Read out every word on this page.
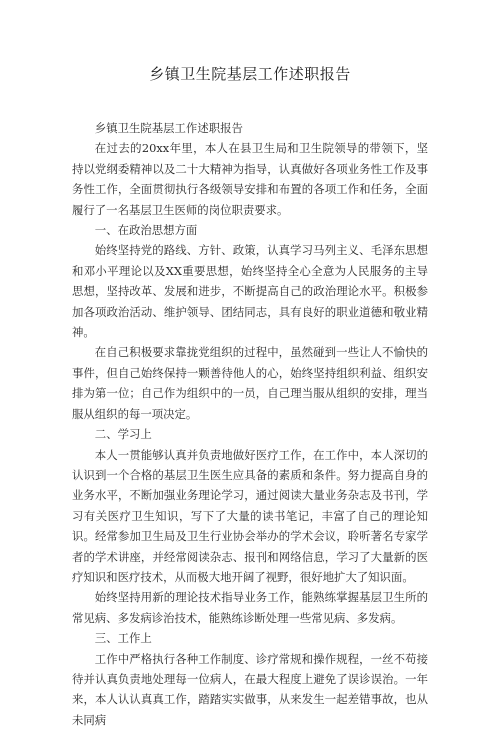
乡镇卫生院基层工作述职报告

乡镇卫生院基层工作述职报告

在过去的20xx年里，本人在县卫生局和卫生院领导的带领下，坚持以党纲委精神以及二十大精神为指导，认真做好各项业务性工作及事务性工作，全面贯彻执行各级领导安排和布置的各项工作和任务，全面履行了一名基层卫生医师的岗位职责要求。

一、在政治思想方面

始终坚持党的路线、方针、政策，认真学习马列主义、毛泽东思想和邓小平理论以及XX重要思想，始终坚持全心全意为人民服务的主导思想，坚持改革、发展和进步，不断提高自己的政治理论水平。积极参加各项政治活动、维护领导、团结同志，具有良好的职业道德和敬业精神。

在自己积极要求靠拢党组织的过程中，虽然碰到一些让人不愉快的事件，但自己始终保持一颗善待他人的心，始终坚持组织利益、组织安排为第一位；自己作为组织中的一员，自己理当服从组织的安排，理当服从组织的每一项决定。

二、学习上

本人一贯能够认真并负责地做好医疗工作，在工作中，本人深切的认识到一个合格的基层卫生医生应具备的素质和条件。努力提高自身的业务水平，不断加强业务理论学习，通过阅读大量业务杂志及书刊，学习有关医疗卫生知识，写下了大量的读书笔记，丰富了自己的理论知识。经常参加卫生局及卫生行业协会举办的学术会议，聆听著名专家学者的学术讲座，并经常阅读杂志、报刊和网络信息，学习了大量新的医疗知识和医疗技术，从而极大地开阔了视野，很好地扩大了知识面。

始终坚持用新的理论技术指导业务工作，能熟练掌握基层卫生所的常见病、多发病诊治技术，能熟练诊断处理一些常见病、多发病。

三、工作上

工作中严格执行各种工作制度、诊疗常规和操作规程，一丝不苟接待并认真负责地处理每一位病人，在最大程度上避免了误诊误治。一年来，本人认认真真工作，踏踏实实做事，从来发生一起差错事故，也从未同病
